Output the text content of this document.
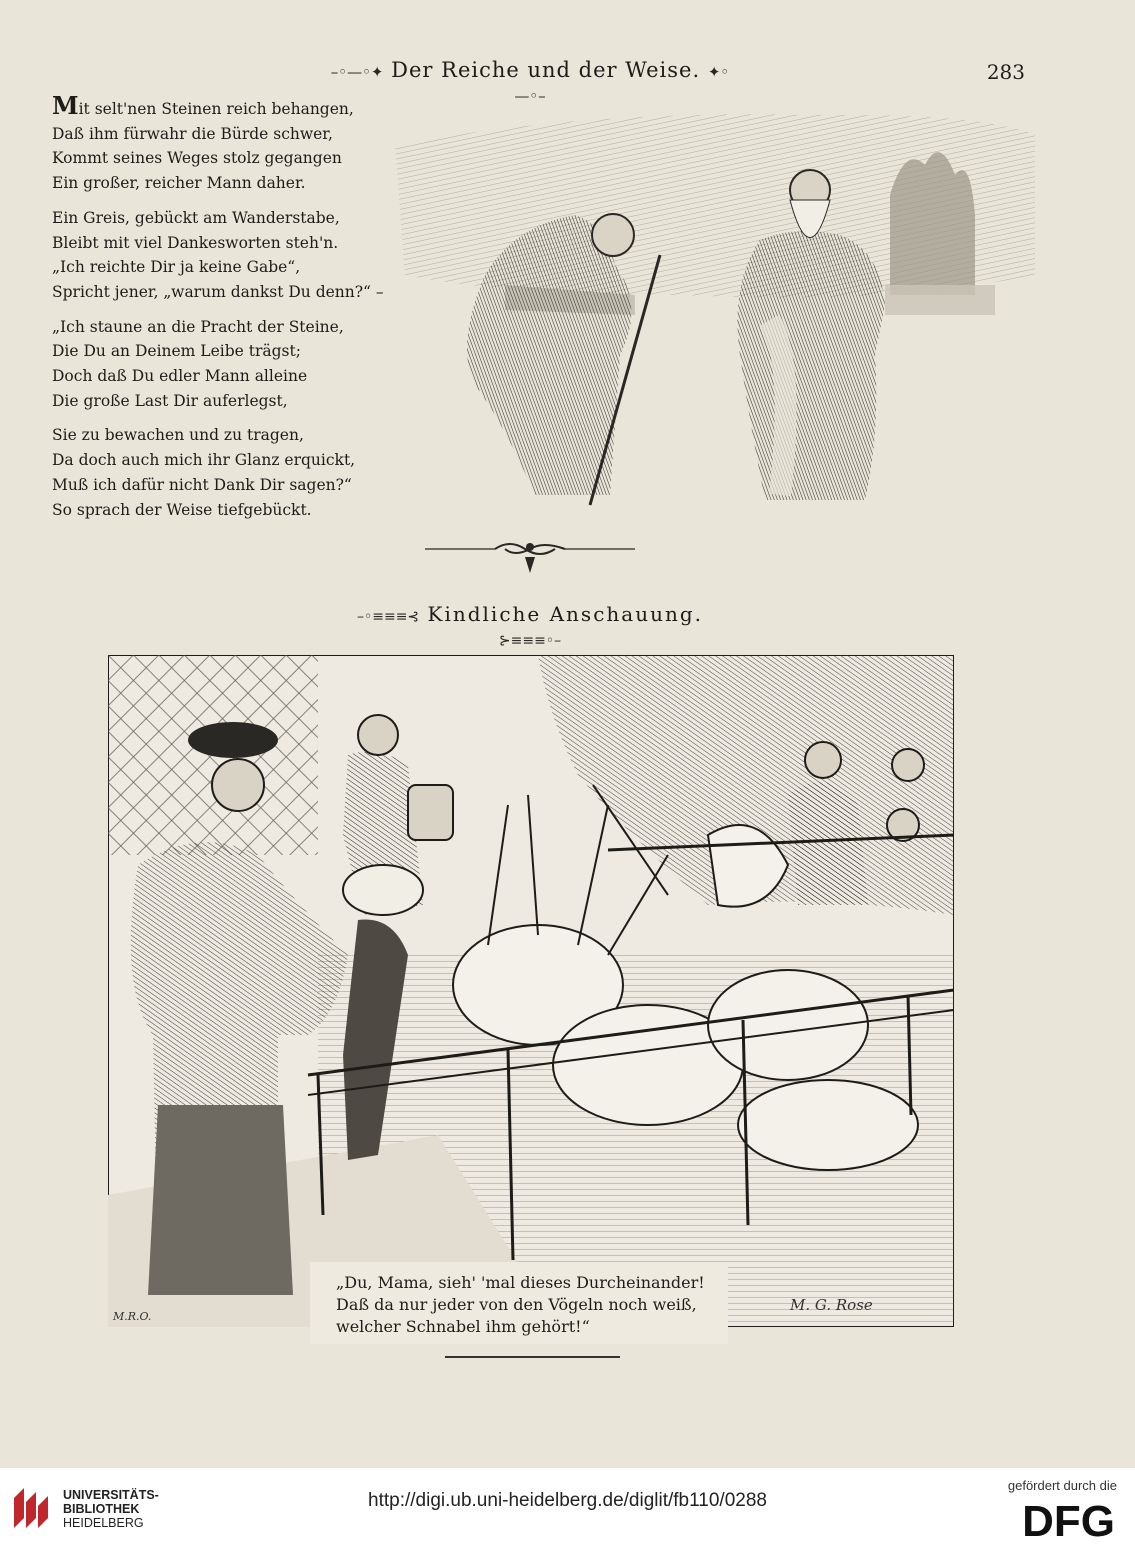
–◦—◦✦ Der Reiche und der Weise. ✦◦—◦–
283
Mit selt'nen Steinen reich behangen,
Daß ihm fürwahr die Bürde schwer,
Kommt seines Weges stolz gegangen
Ein großer, reicher Mann daher.
Ein Greis, gebückt am Wanderstabe,
Bleibt mit viel Dankesworten steh'n.
„Ich reichte Dir ja keine Gabe“,
Spricht jener, „warum dankst Du denn?“ –
„Ich staune an die Pracht der Steine,
Die Du an Deinem Leibe trägst;
Doch daß Du edler Mann alleine
Die große Last Dir auferlegst,
Sie zu bewachen und zu tragen,
Da doch auch mich ihr Glanz erquickt,
Muß ich dafür nicht Dank Dir sagen?“
So sprach der Weise tiefgebückt.
–◦≡≡≡⊰ Kindliche Anschauung. ⊱≡≡≡◦–
M.R.O.
M. G. Rose
„Du, Mama, sieh' 'mal dieses Durcheinander!
Daß da nur jeder von den Vögeln noch weiß,
welcher Schnabel ihm gehört!“
UNIVERSITÄTS-
BIBLIOTHEK
HEIDELBERG
http://digi.ub.uni-heidelberg.de/diglit/fb110/0288
gefördert durch die
DFG
